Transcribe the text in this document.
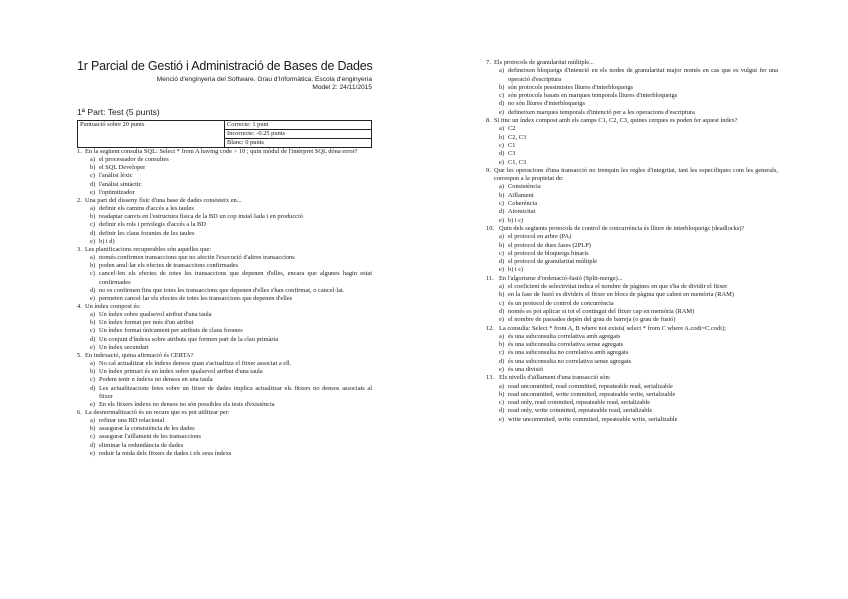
1r Parcial de Gestió i Administració de Bases de Dades
Menció d'enginyeria del Software. Grau d'Informàtica. Escola d'enginyeria
Model 2: 24/11/2015
1ª Part: Test (5 punts)
Puntuació sobre 20 punts	Correcte: 1 punt
Incorrecte: -0.25 punts
Blanc: 0 punts
1. En la següent consulta SQL: Select * from A having code > 10 ; quin mòdul de l'intèrpret SQL dóna error?
a) el processador de consultes
b) el SQL Developer
c) l'anàlisi lèxic
d) l'anàlisi sintàctic
e) l'optimitzador
2. Una part del disseny físic d'una base de dades consisteix en...
a) definir els camins d'accés a les taules
b) readaptar canvis en l'estructura física de la BD un cop instal·lada i en producció
c) definir els rols i privilegis d'accés a la BD
d) definir les claus foranies de les taules
e) b) i d)
3. Les planificacions recuperables són aquelles que:
a) només confirmen transaccions que no afectin l'execució d'altres transaccions
b) poden anul·lar els efectes de transaccions confirmades
c) cancel·len els efectes de totes les transaccions que depenen d'elles, encara que algunes hagin estat confirmades
d) no es confirmen fins que totes les transaccions que depenen d'elles s'han confirmat, o cancel·lat.
e) permeten cancel·lar els efectes de totes les transaccions que depenen d'elles
4. Un índex compost és:
a) Un índex sobre qualsevol atribut d'una taula
b) Un índex format per més d'un atribut
c) Un índex format únicament per atributs de claus foranes
d) Un conjunt d'índexs sobre atributs que formen part de la clau primària
e) Un índex secundari
5. En indexació, quina afirmació és CERTA?
a) No cal actualitzar els índexs densos quan s'actualitza el fitxer associat a ell.
b) Un índex primari és un índex sobre qualsevol atribut d'una taula
c) Podem tenir n índexs no densos en una taula
d) Les actualitzacions fetes sobre un fitxer de dades implica actualitzar els fitxers no densos associats al fitxer
e) En els fitxers índexs no densos no són possibles els tests d'existència
6. La desnormalització és un recurs que es pot utilitzar per:
a) refinar una BD relacional
b) assegurar la consistència de les dades
c) assegurar l'aïllament de les transaccions
d) eliminar la redundància de dades
e) reduir la mida dels fitxers de dades i els seus índexs
7. Els protocols de granularitat múltiple...
a) defineixen bloqueigs d'intenció en els nodes de granularitat major només en cas que es vulgui fer una operació d'escriptura
b) són protocols pessimistes lliures d'interbloqueigs
c) són protocols basats en marques temporals lliures d'interbloqueigs
d) no són lliures d'interbloqueigs
e) defineixen marques temporals d'intenció per a les operacions d'escriptura
8. Si tinc un índex compost amb els camps C1, C2, C3, quines cerques es poden fer aquest índex?
a) C2
b) C2, C3
c) C1
d) C3
e) C1, C3
9. Que les operacions d'una transacció no trenquin les regles d'integritat, tant les específiques com les generals, correspon a la propietat de:
a) Consistència
b) Aïllament
c) Coherència
d) Atomicitat
e) b) i c)
10. Quin dels següents protocols de control de concurrència és lliure de interbloqueigs (deadlocks)?
a) el protocol en arbre (PA)
b) el protocol de dues fases (2PLP)
c) el protocol de bloqueigs binaris
d) el protocol de granularitat múltiple
e) b) i c)
11. En l'algorisme d'ordenació-fusió (Split-merge)...
a) el coeficient de selectivitat indica el nombre de pàgines en que s'ha de dividir el fitxer
b) en la fase de fusió es divideix el fitxer en blocs de pàgina que caben en memòria (RAM)
c) és un protocol de control de concurrència
d) només es pot aplicar si tot el contingut del fitxer cap en memòria (RAM)
e) el nombre de passades depèn del grau de barreja (o grau de fusió)
12. La consulta: Select * from A, B where not exists( select * from C where A.codi=C.codi);
a) és una subconsulta correlativa amb agregats
b) és una subconsulta correlativa sense agregats
c) és una subconsulta no correlativa amb agregats
d) és una subconsulta no correlativa sense agregats
e) és una divisió
13. Els nivells d'aïllament d'una transacció són:
a) read uncommited, read committed, repeateable read, serializable
b) read uncommited, write commited, repeateable write, serializable
c) read only, read commited, repeateable read, serializable
d) read only, write commited, repeateable read, serializable
e) write uncommited, write commited, repeateable write, serializable
